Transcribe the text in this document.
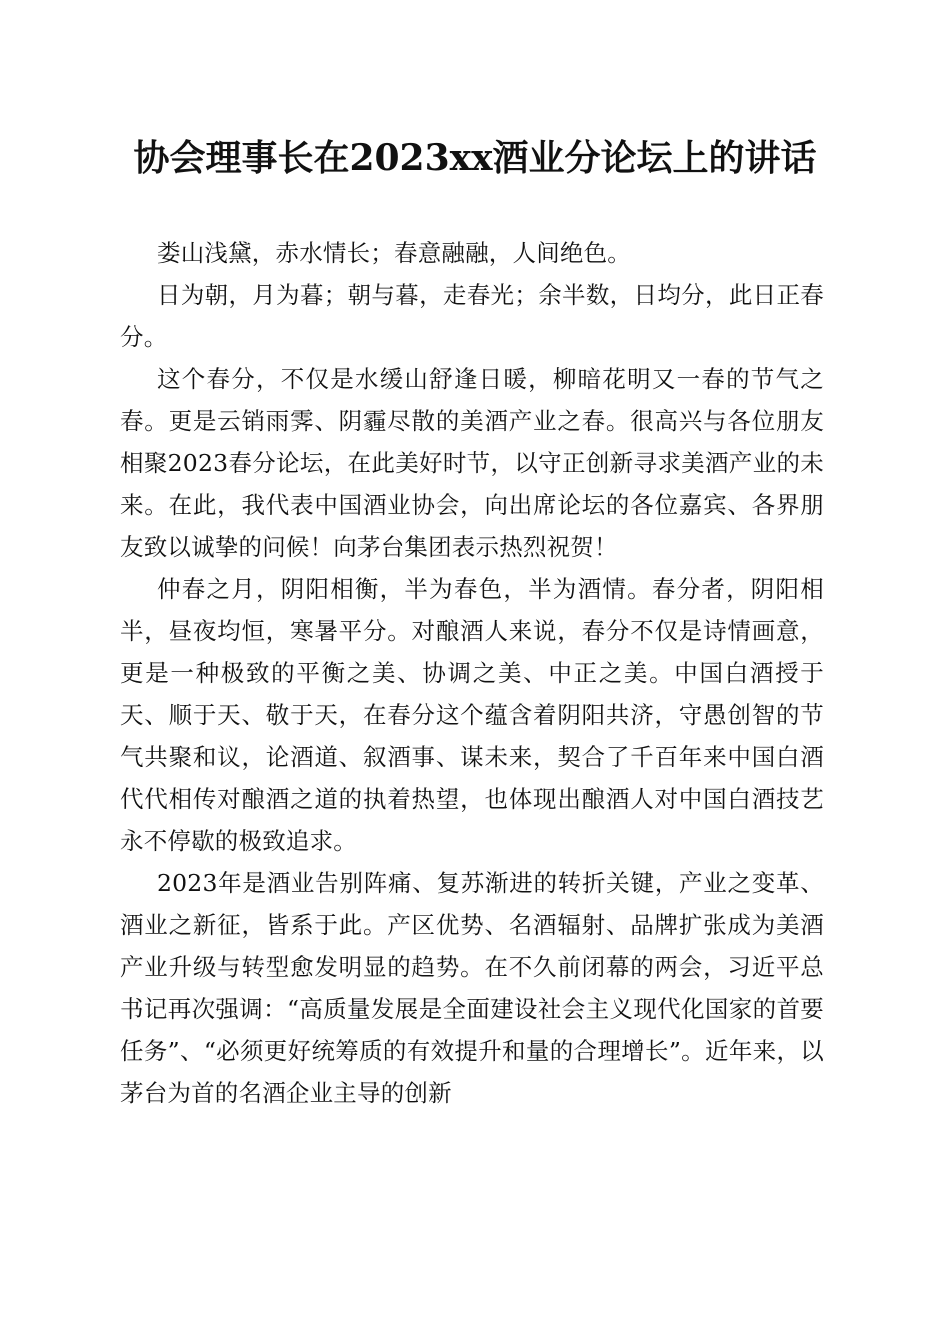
协会理事长在2023xx酒业分论坛上的讲话

娄山浅黛，赤水情长；春意融融，人间绝色。

日为朝，月为暮；朝与暮，走春光；余半数，日均分，此日正春分。

这个春分，不仅是水缓山舒逢日暖，柳暗花明又一春的节气之春。更是云销雨霁、阴霾尽散的美酒产业之春。很高兴与各位朋友相聚2023春分论坛，在此美好时节，以守正创新寻求美酒产业的未来。在此，我代表中国酒业协会，向出席论坛的各位嘉宾、各界朋友致以诚挚的问候！向茅台集团表示热烈祝贺！

仲春之月，阴阳相衡，半为春色，半为酒情。春分者，阴阳相半，昼夜均恒，寒暑平分。对酿酒人来说，春分不仅是诗情画意，更是一种极致的平衡之美、协调之美、中正之美。中国白酒授于天、顺于天、敬于天，在春分这个蕴含着阴阳共济，守愚创智的节气共聚和议，论酒道、叙酒事、谋未来，契合了千百年来中国白酒代代相传对酿酒之道的执着热望，也体现出酿酒人对中国白酒技艺永不停歇的极致追求。

2023年是酒业告别阵痛、复苏渐进的转折关键，产业之变革、酒业之新征，皆系于此。产区优势、名酒辐射、品牌扩张成为美酒产业升级与转型愈发明显的趋势。在不久前闭幕的两会，习近平总书记再次强调：“高质量发展是全面建设社会主义现代化国家的首要任务”、“必须更好统筹质的有效提升和量的合理增长”。近年来，以茅台为首的名酒企业主导的创新
